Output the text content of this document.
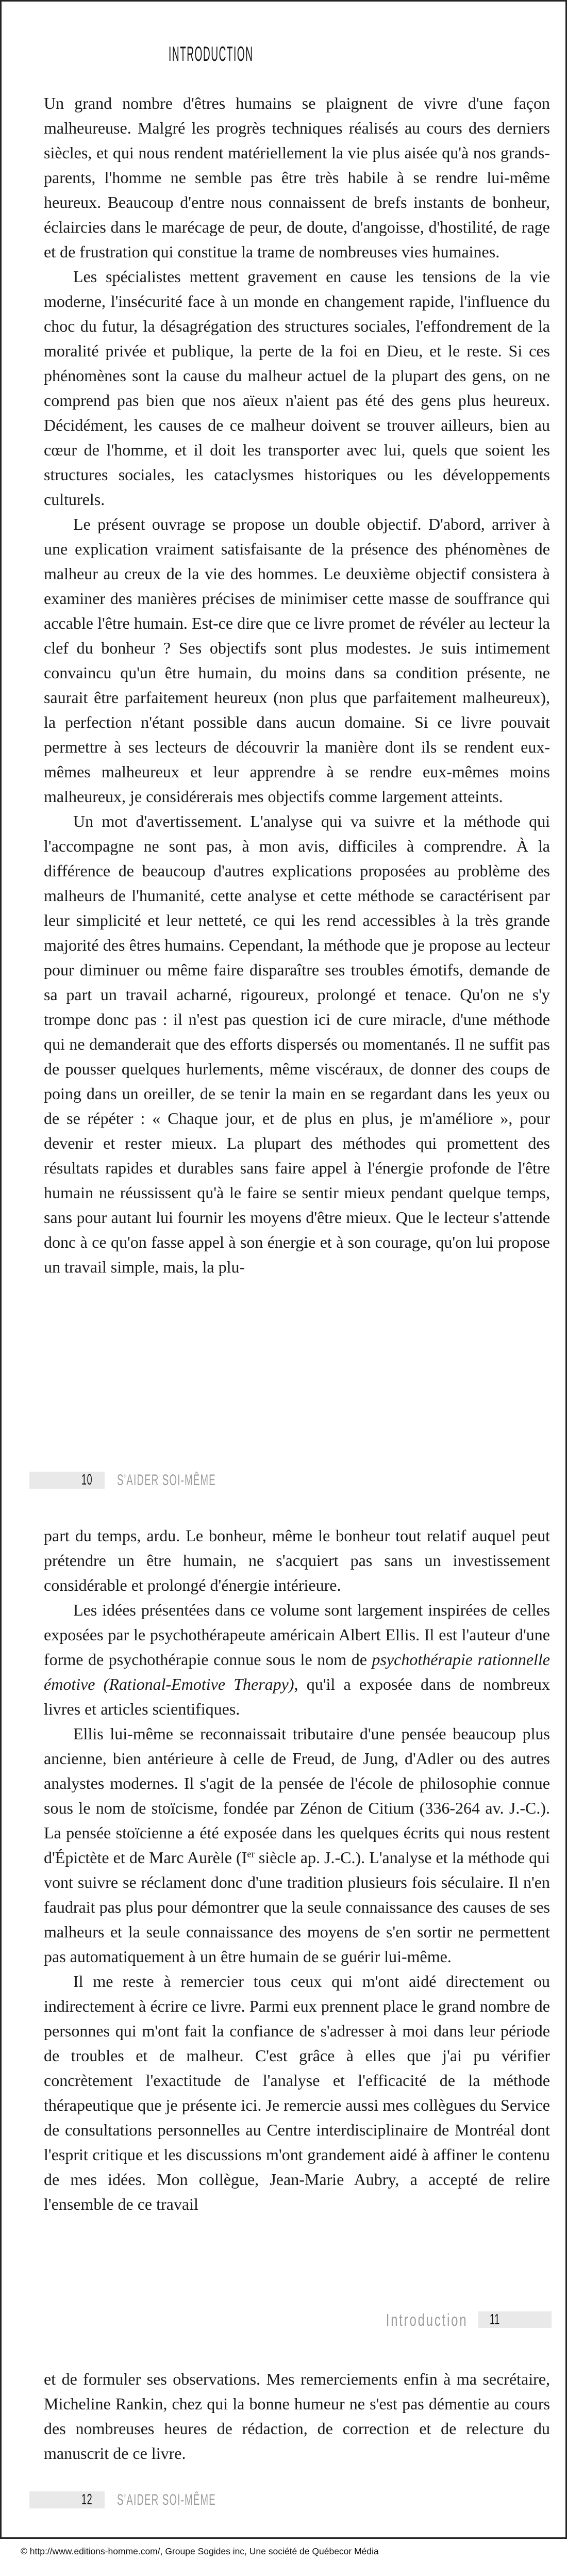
INTRODUCTION

Un grand nombre d'êtres humains se plaignent de vivre d'une façon malheureuse. Malgré les progrès techniques réalisés au cours des derniers siècles, et qui nous rendent matériellement la vie plus aisée qu'à nos grands-parents, l'homme ne semble pas être très habile à se rendre lui-même heureux. Beaucoup d'entre nous connaissent de brefs instants de bonheur, éclaircies dans le marécage de peur, de doute, d'angoisse, d'hostilité, de rage et de frustration qui constitue la trame de nombreuses vies humaines.

Les spécialistes mettent gravement en cause les tensions de la vie moderne, l'insécurité face à un monde en changement rapide, l'influence du choc du futur, la désagrégation des structures sociales, l'effondrement de la moralité privée et publique, la perte de la foi en Dieu, et le reste. Si ces phénomènes sont la cause du malheur actuel de la plupart des gens, on ne comprend pas bien que nos aïeux n'aient pas été des gens plus heureux. Décidément, les causes de ce malheur doivent se trouver ailleurs, bien au cœur de l'homme, et il doit les transporter avec lui, quels que soient les structures sociales, les cataclysmes historiques ou les développements culturels.

Le présent ouvrage se propose un double objectif. D'abord, arriver à une explication vraiment satisfaisante de la présence des phénomènes de malheur au creux de la vie des hommes. Le deuxième objectif consistera à examiner des manières précises de minimiser cette masse de souffrance qui accable l'être humain. Est-ce dire que ce livre promet de révéler au lecteur la clef du bonheur ? Ses objectifs sont plus modestes. Je suis intimement convaincu qu'un être humain, du moins dans sa condition présente, ne saurait être parfaitement heureux (non plus que parfaitement malheureux), la perfection n'étant possible dans aucun domaine. Si ce livre pouvait permettre à ses lecteurs de découvrir la manière dont ils se rendent eux-mêmes malheureux et leur apprendre à se rendre eux-mêmes moins malheureux, je considérerais mes objectifs comme largement atteints.

Un mot d'avertissement. L'analyse qui va suivre et la méthode qui l'accompagne ne sont pas, à mon avis, difficiles à comprendre. À la différence de beaucoup d'autres explications proposées au problème des malheurs de l'humanité, cette analyse et cette méthode se caractérisent par leur simplicité et leur netteté, ce qui les rend accessibles à la très grande majorité des êtres humains. Cependant, la méthode que je propose au lecteur pour diminuer ou même faire disparaître ses troubles émotifs, demande de sa part un travail acharné, rigoureux, prolongé et tenace. Qu'on ne s'y trompe donc pas : il n'est pas question ici de cure miracle, d'une méthode qui ne demanderait que des efforts dispersés ou momentanés. Il ne suffit pas de pousser quelques hurlements, même viscéraux, de donner des coups de poing dans un oreiller, de se tenir la main en se regardant dans les yeux ou de se répéter : « Chaque jour, et de plus en plus, je m'améliore », pour devenir et rester mieux. La plupart des méthodes qui promettent des résultats rapides et durables sans faire appel à l'énergie profonde de l'être humain ne réussissent qu'à le faire se sentir mieux pendant quelque temps, sans pour autant lui fournir les moyens d'être mieux. Que le lecteur s'attende donc à ce qu'on fasse appel à son énergie et à son courage, qu'on lui propose un travail simple, mais, la plu-

10 S'AIDER SOI-MÊME

part du temps, ardu. Le bonheur, même le bonheur tout relatif auquel peut prétendre un être humain, ne s'acquiert pas sans un investissement considérable et prolongé d'énergie intérieure.

Les idées présentées dans ce volume sont largement inspirées de celles exposées par le psychothérapeute américain Albert Ellis. Il est l'auteur d'une forme de psychothérapie connue sous le nom de psychothérapie rationnelle émotive (Rational-Emotive Therapy), qu'il a exposée dans de nombreux livres et articles scientifiques.

Ellis lui-même se reconnaissait tributaire d'une pensée beaucoup plus ancienne, bien antérieure à celle de Freud, de Jung, d'Adler ou des autres analystes modernes. Il s'agit de la pensée de l'école de philosophie connue sous le nom de stoïcisme, fondée par Zénon de Citium (336-264 av. J.-C.). La pensée stoïcienne a été exposée dans les quelques écrits qui nous restent d'Épictète et de Marc Aurèle (Ier siècle ap. J.-C.). L'analyse et la méthode qui vont suivre se réclament donc d'une tradition plusieurs fois séculaire. Il n'en faudrait pas plus pour démontrer que la seule connaissance des causes de ses malheurs et la seule connaissance des moyens de s'en sortir ne permettent pas automatiquement à un être humain de se guérir lui-même.

Il me reste à remercier tous ceux qui m'ont aidé directement ou indirectement à écrire ce livre. Parmi eux prennent place le grand nombre de personnes qui m'ont fait la confiance de s'adresser à moi dans leur période de troubles et de malheur. C'est grâce à elles que j'ai pu vérifier concrètement l'exactitude de l'analyse et l'efficacité de la méthode thérapeutique que je présente ici. Je remercie aussi mes collègues du Service de consultations personnelles au Centre interdisciplinaire de Montréal dont l'esprit critique et les discussions m'ont grandement aidé à affiner le contenu de mes idées. Mon collègue, Jean-Marie Aubry, a accepté de relire l'ensemble de ce travail

Introduction 11

et de formuler ses observations. Mes remerciements enfin à ma secrétaire, Micheline Rankin, chez qui la bonne humeur ne s'est pas démentie au cours des nombreuses heures de rédaction, de correction et de relecture du manuscrit de ce livre.

12 S'AIDER SOI-MÊME
© http://www.editions-homme.com/, Groupe Sogides inc, Une société de Québecor Média
